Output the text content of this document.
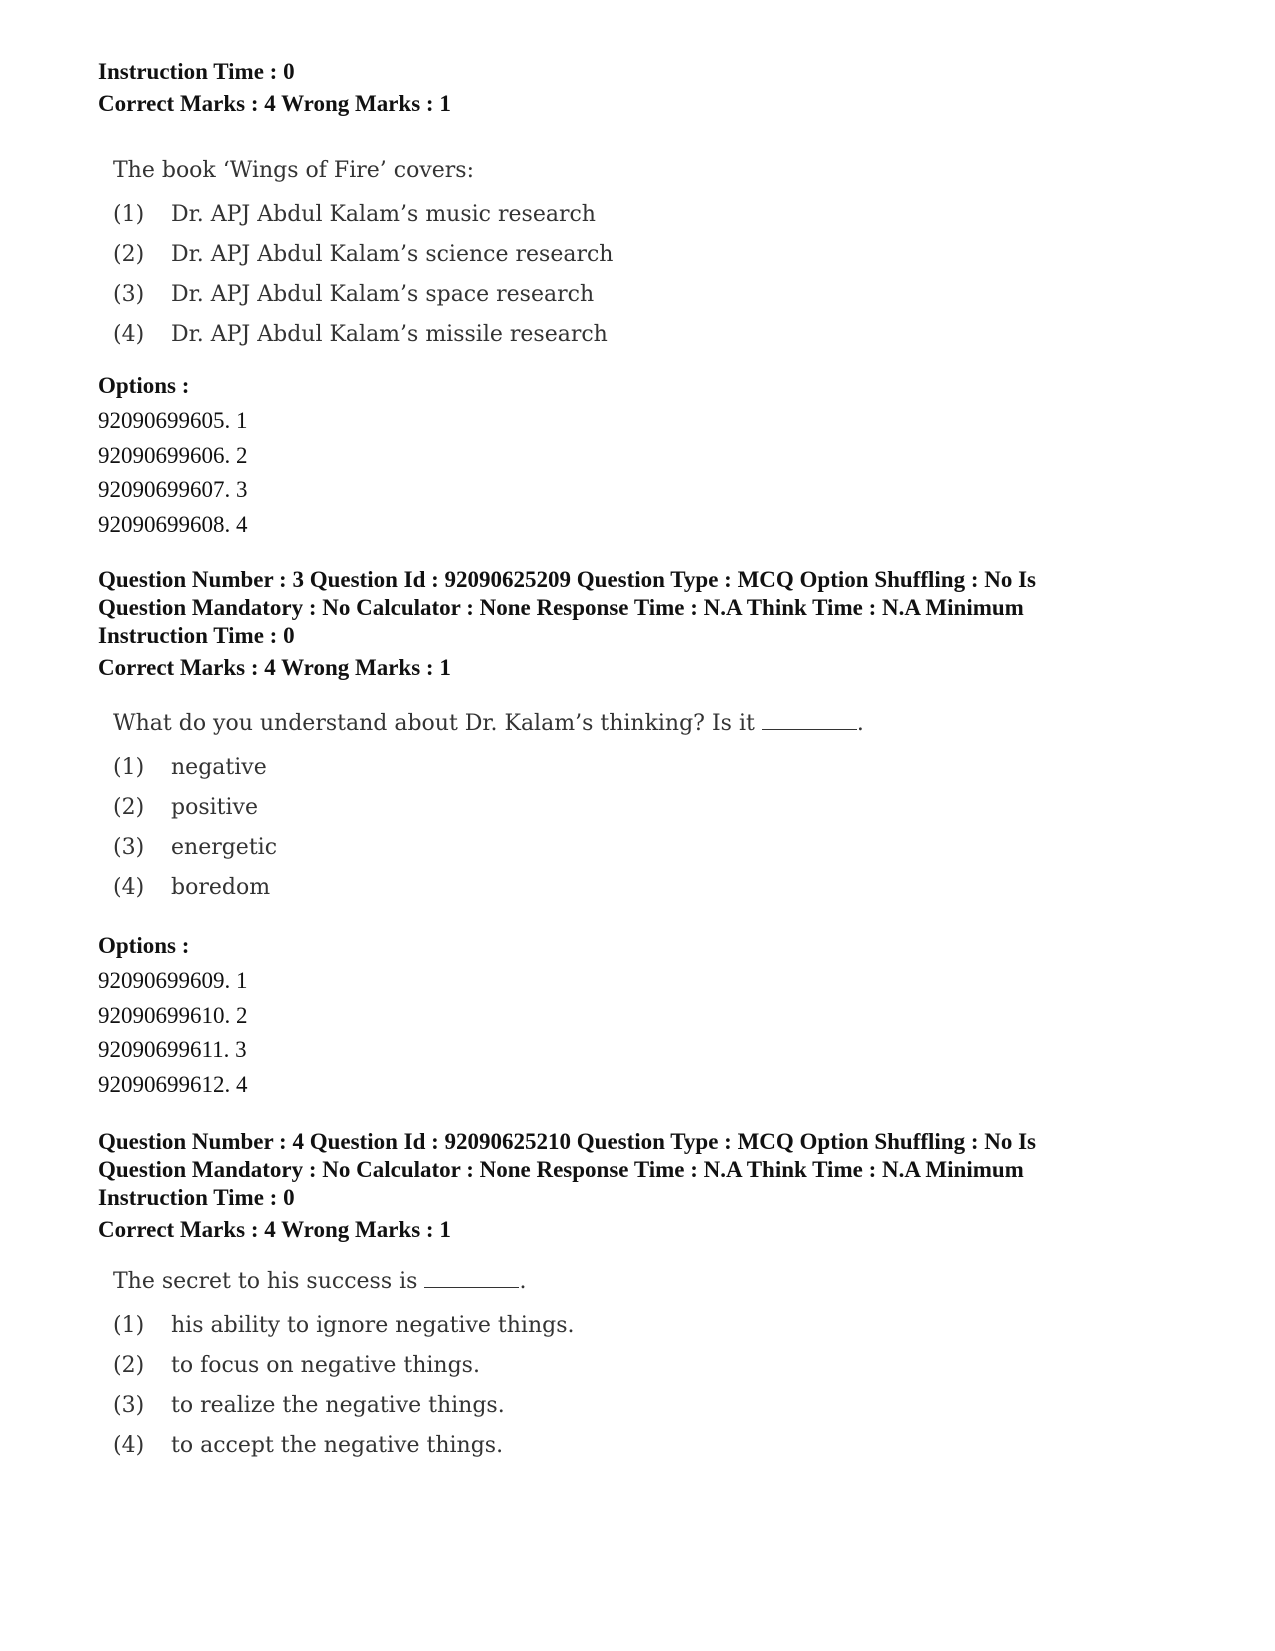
Instruction Time : 0
Correct Marks : 4 Wrong Marks : 1
The book ‘Wings of Fire’ covers:
(1)	Dr. APJ Abdul Kalam’s music research
(2)	Dr. APJ Abdul Kalam’s science research
(3)	Dr. APJ Abdul Kalam’s space research
(4)	Dr. APJ Abdul Kalam’s missile research
Options :
92090699605. 1
92090699606. 2
92090699607. 3
92090699608. 4
Question Number : 3 Question Id : 92090625209 Question Type : MCQ Option Shuffling : No Is
Question Mandatory : No Calculator : None Response Time : N.A Think Time : N.A Minimum
Instruction Time : 0
Correct Marks : 4 Wrong Marks : 1
What do you understand about Dr. Kalam’s thinking? Is it	.
(1)	negative
(2)	positive
(3)	energetic
(4)	boredom
Options :
92090699609. 1
92090699610. 2
92090699611. 3
92090699612. 4
Question Number : 4 Question Id : 92090625210 Question Type : MCQ Option Shuffling : No Is
Question Mandatory : No Calculator : None Response Time : N.A Think Time : N.A Minimum
Instruction Time : 0
Correct Marks : 4 Wrong Marks : 1
The secret to his success is	.
(1)	his ability to ignore negative things.
(2)	to focus on negative things.
(3)	to realize the negative things.
(4)	to accept the negative things.
